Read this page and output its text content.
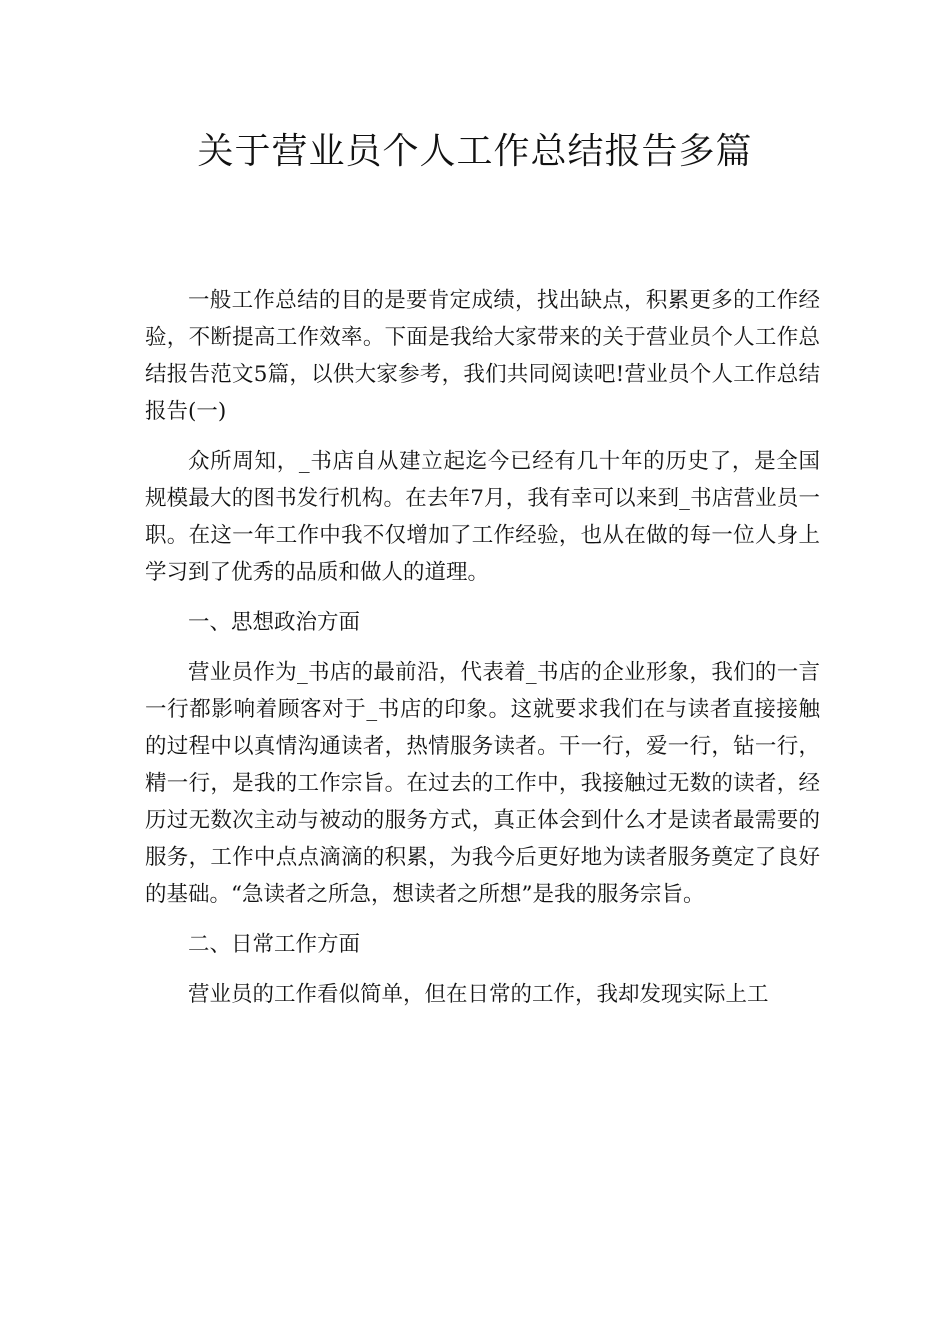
关于营业员个人工作总结报告多篇

一般工作总结的目的是要肯定成绩，找出缺点，积累更多的工作经验，不断提高工作效率。下面是我给大家带来的关于营业员个人工作总结报告范文5篇，以供大家参考，我们共同阅读吧!营业员个人工作总结报告(一)

众所周知，_书店自从建立起迄今已经有几十年的历史了，是全国规模最大的图书发行机构。在去年7月，我有幸可以来到_书店营业员一职。在这一年工作中我不仅增加了工作经验，也从在做的每一位人身上学习到了优秀的品质和做人的道理。

一、思想政治方面

营业员作为_书店的最前沿，代表着_书店的企业形象，我们的一言一行都影响着顾客对于_书店的印象。这就要求我们在与读者直接接触的过程中以真情沟通读者，热情服务读者。干一行，爱一行，钻一行，精一行，是我的工作宗旨。在过去的工作中，我接触过无数的读者，经历过无数次主动与被动的服务方式，真正体会到什么才是读者最需要的服务，工作中点点滴滴的积累，为我今后更好地为读者服务奠定了良好的基础。“急读者之所急，想读者之所想”是我的服务宗旨。

二、日常工作方面

营业员的工作看似简单，但在日常的工作，我却发现实际上工
